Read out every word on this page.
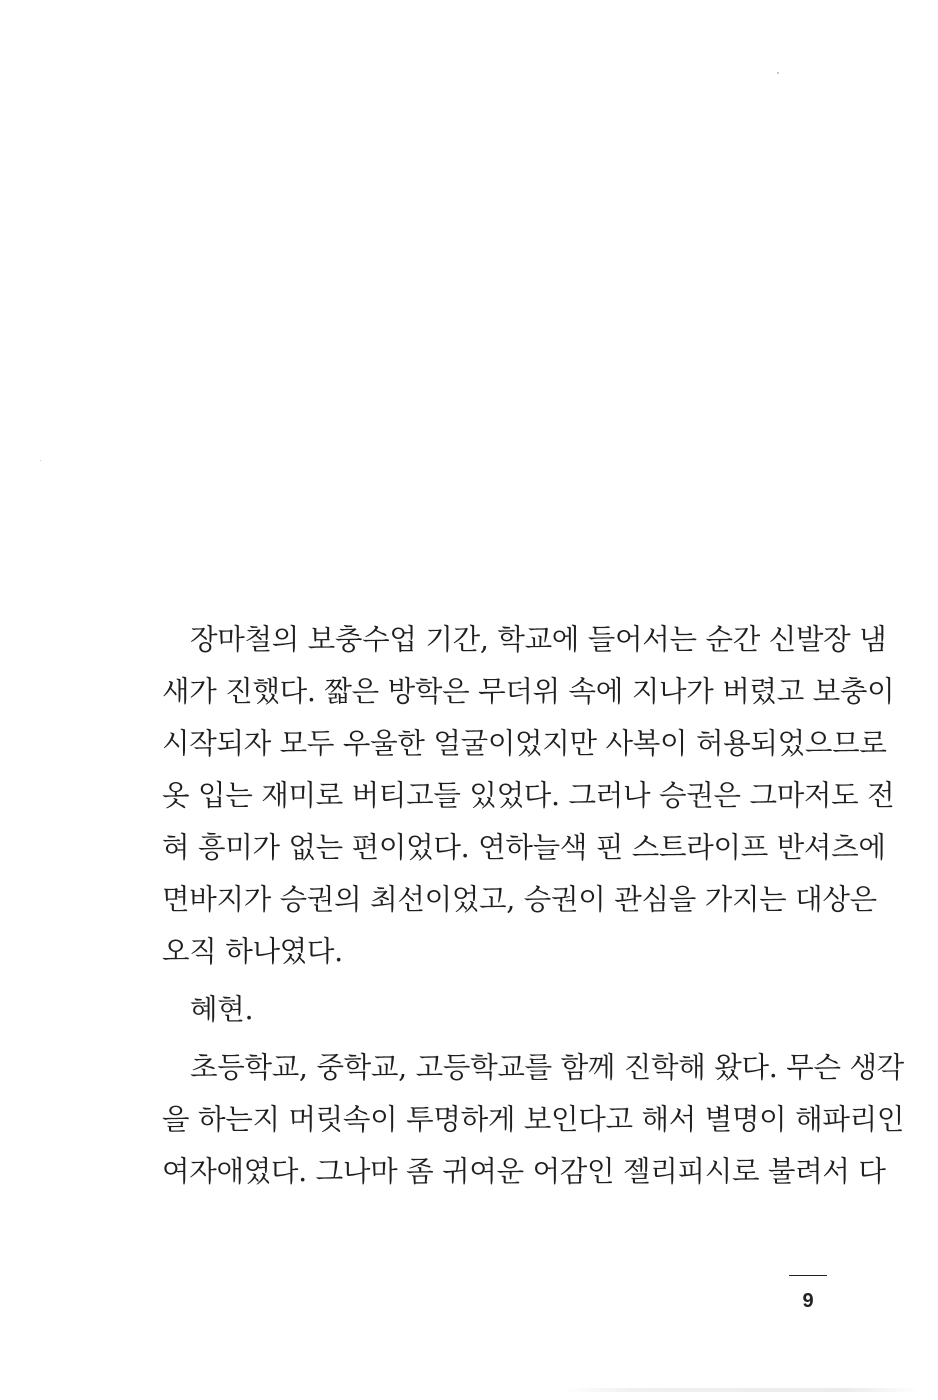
장마철의 보충수업 기간, 학교에 들어서는 순간 신발장 냄
새가 진했다. 짧은 방학은 무더위 속에 지나가 버렸고 보충이
시작되자 모두 우울한 얼굴이었지만 사복이 허용되었으므로
옷 입는 재미로 버티고들 있었다. 그러나 승권은 그마저도 전
혀 흥미가 없는 편이었다. 연하늘색 핀 스트라이프 반셔츠에
면바지가 승권의 최선이었고, 승권이 관심을 가지는 대상은
오직 하나였다.

혜현.

초등학교, 중학교, 고등학교를 함께 진학해 왔다. 무슨 생각
을 하는지 머릿속이 투명하게 보인다고 해서 별명이 해파리인
여자애였다. 그나마 좀 귀여운 어감인 젤리피시로 불려서 다

9
